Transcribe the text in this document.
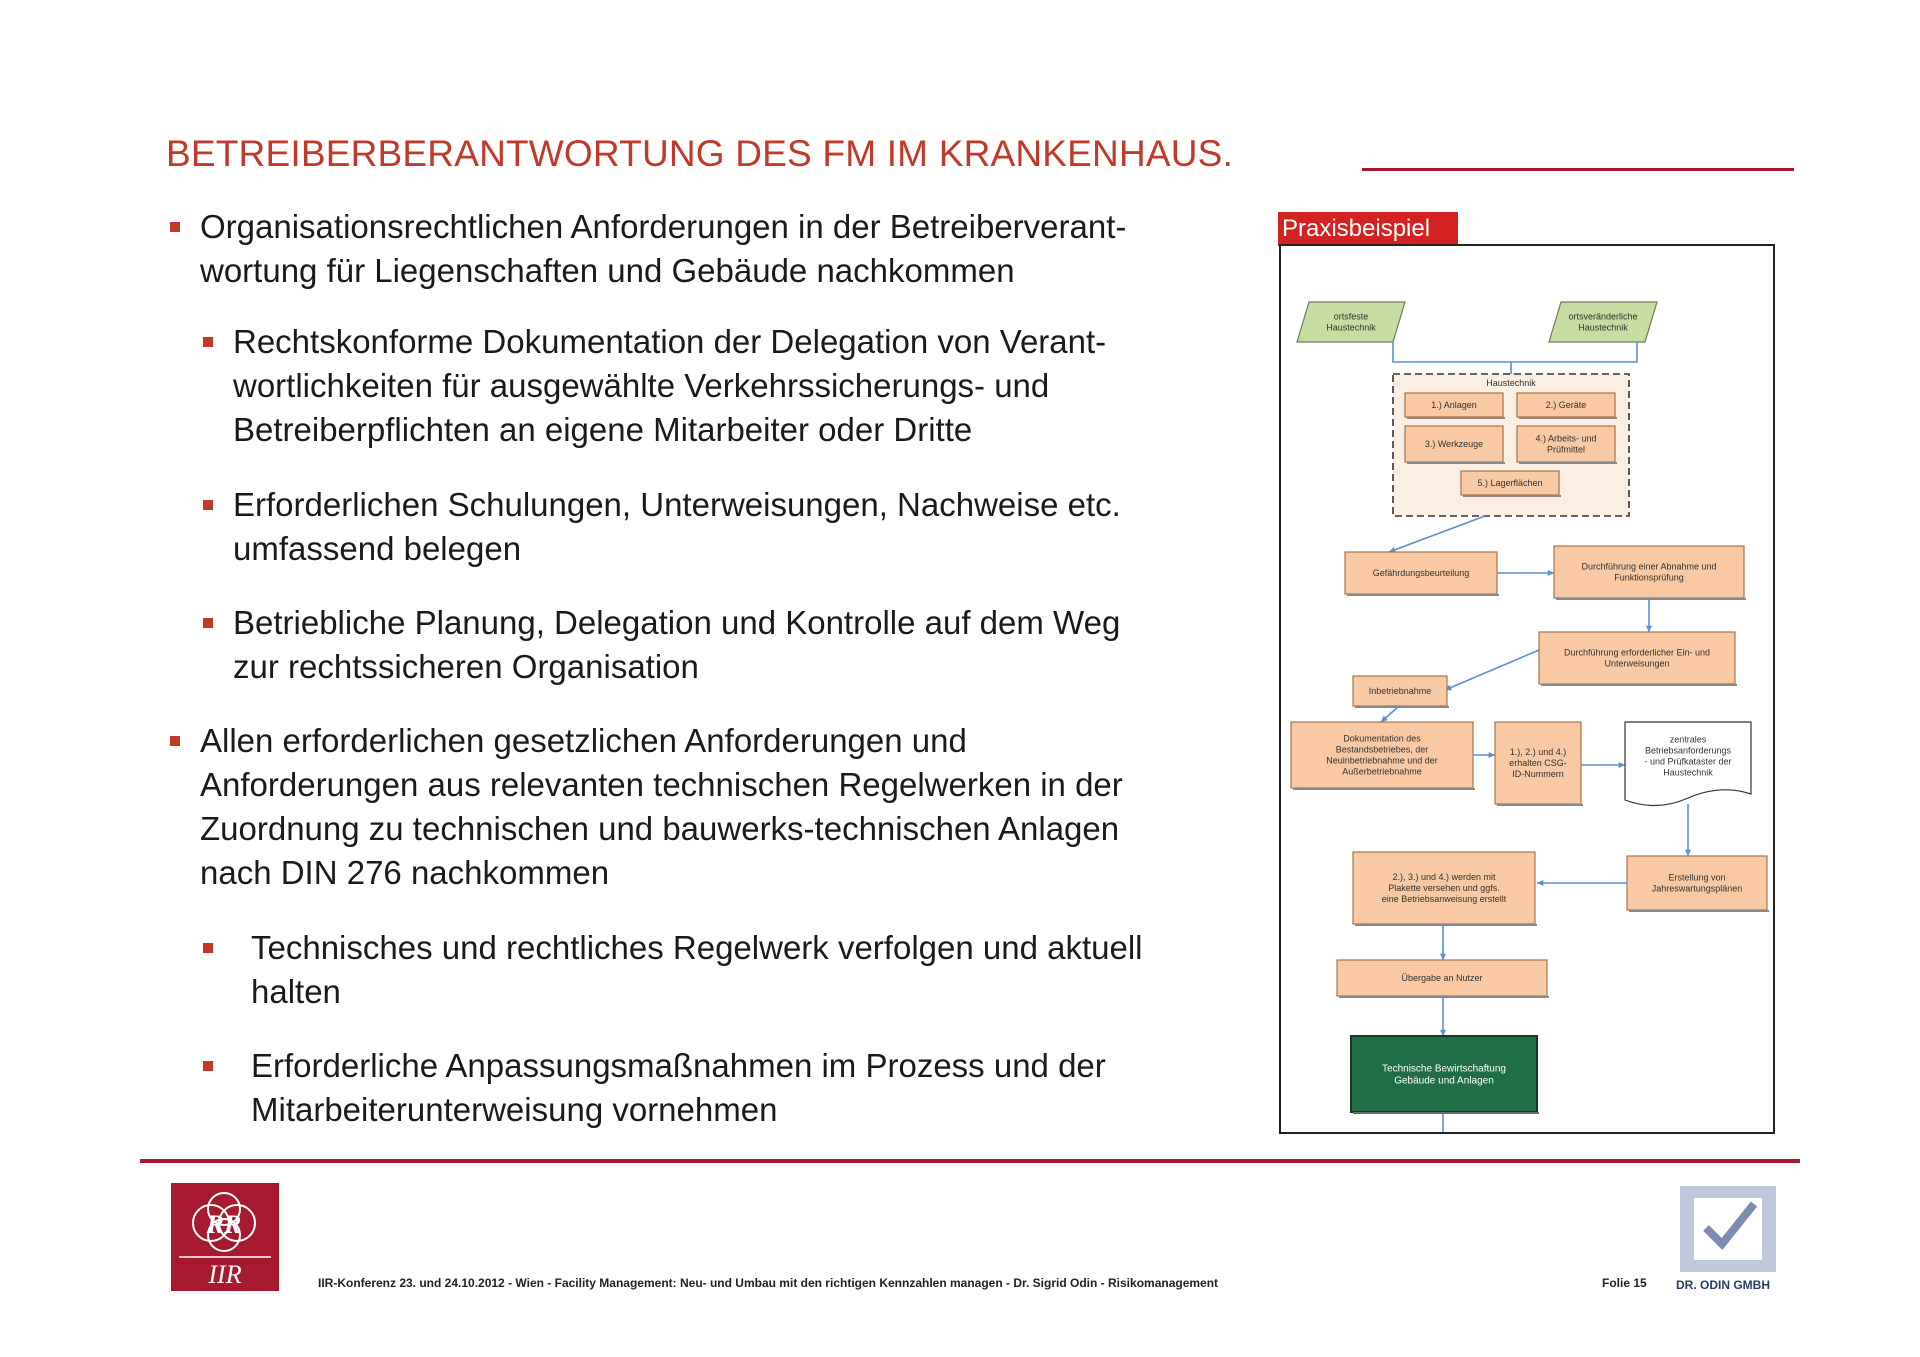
BETREIBERBERANTWORTUNG DES FM IM KRANKENHAUS.
Organisationsrechtlichen Anforderungen in der Betreiberverant-
wortung für Liegenschaften und Gebäude nachkommen
Rechtskonforme Dokumentation der Delegation von Verant-
wortlichkeiten für ausgewählte Verkehrssicherungs- und
Betreiberpflichten an eigene Mitarbeiter oder Dritte
Erforderlichen Schulungen, Unterweisungen, Nachweise etc.
umfassend belegen
Betriebliche Planung, Delegation und Kontrolle auf dem Weg
zur rechtssicheren Organisation
Allen erforderlichen gesetzlichen Anforderungen und
Anforderungen aus relevanten technischen Regelwerken in der
Zuordnung zu technischen und bauwerks-technischen Anlagen
nach DIN 276 nachkommen
Technisches und rechtliches Regelwerk verfolgen und aktuell
halten
Erforderliche Anpassungsmaßnahmen im Prozess und der
Mitarbeiterunterweisung vornehmen
Praxisbeispiel
ortsfeste
Haustechnik
ortsveränderliche
Haustechnik
Haustechnik
1.) Anlagen	2.) Geräte
3.) Werkzeuge
4.) Arbeits- und
Prüfmittel
5.) Lagerflächen
Gefährdungsbeurteilung
Durchführung einer Abnahme und
Funktionsprüfung
Durchführung erforderlicher Ein- und
Unterweisungen
Inbetriebnahme
Dokumentation des
Bestandsbetriebes, der
Neuinbetriebnahme und der
Außerbetriebnahme
1.), 2.) und 4.)
erhalten CSG-
ID-Nummern
zentrales
Betriebsanforderungs
- und Prüfkataster der
Haustechnik
Erstellung von
Jahreswartungsplänen
2.), 3.) und 4.) werden mit
Plakette versehen und ggfs.
eine Betriebsanweisung erstellt
Übergabe an Nutzer
Technische Bewirtschaftung
Gebäude und Anlagen
RR
IIR	IIR-Konferenz 23. und 24.10.2012 - Wien - Facility Management: Neu- und Umbau mit den richtigen Kennzahlen managen - Dr. Sigrid Odin - Risikomanagement	Folie 15 DR. ODIN GMBH
